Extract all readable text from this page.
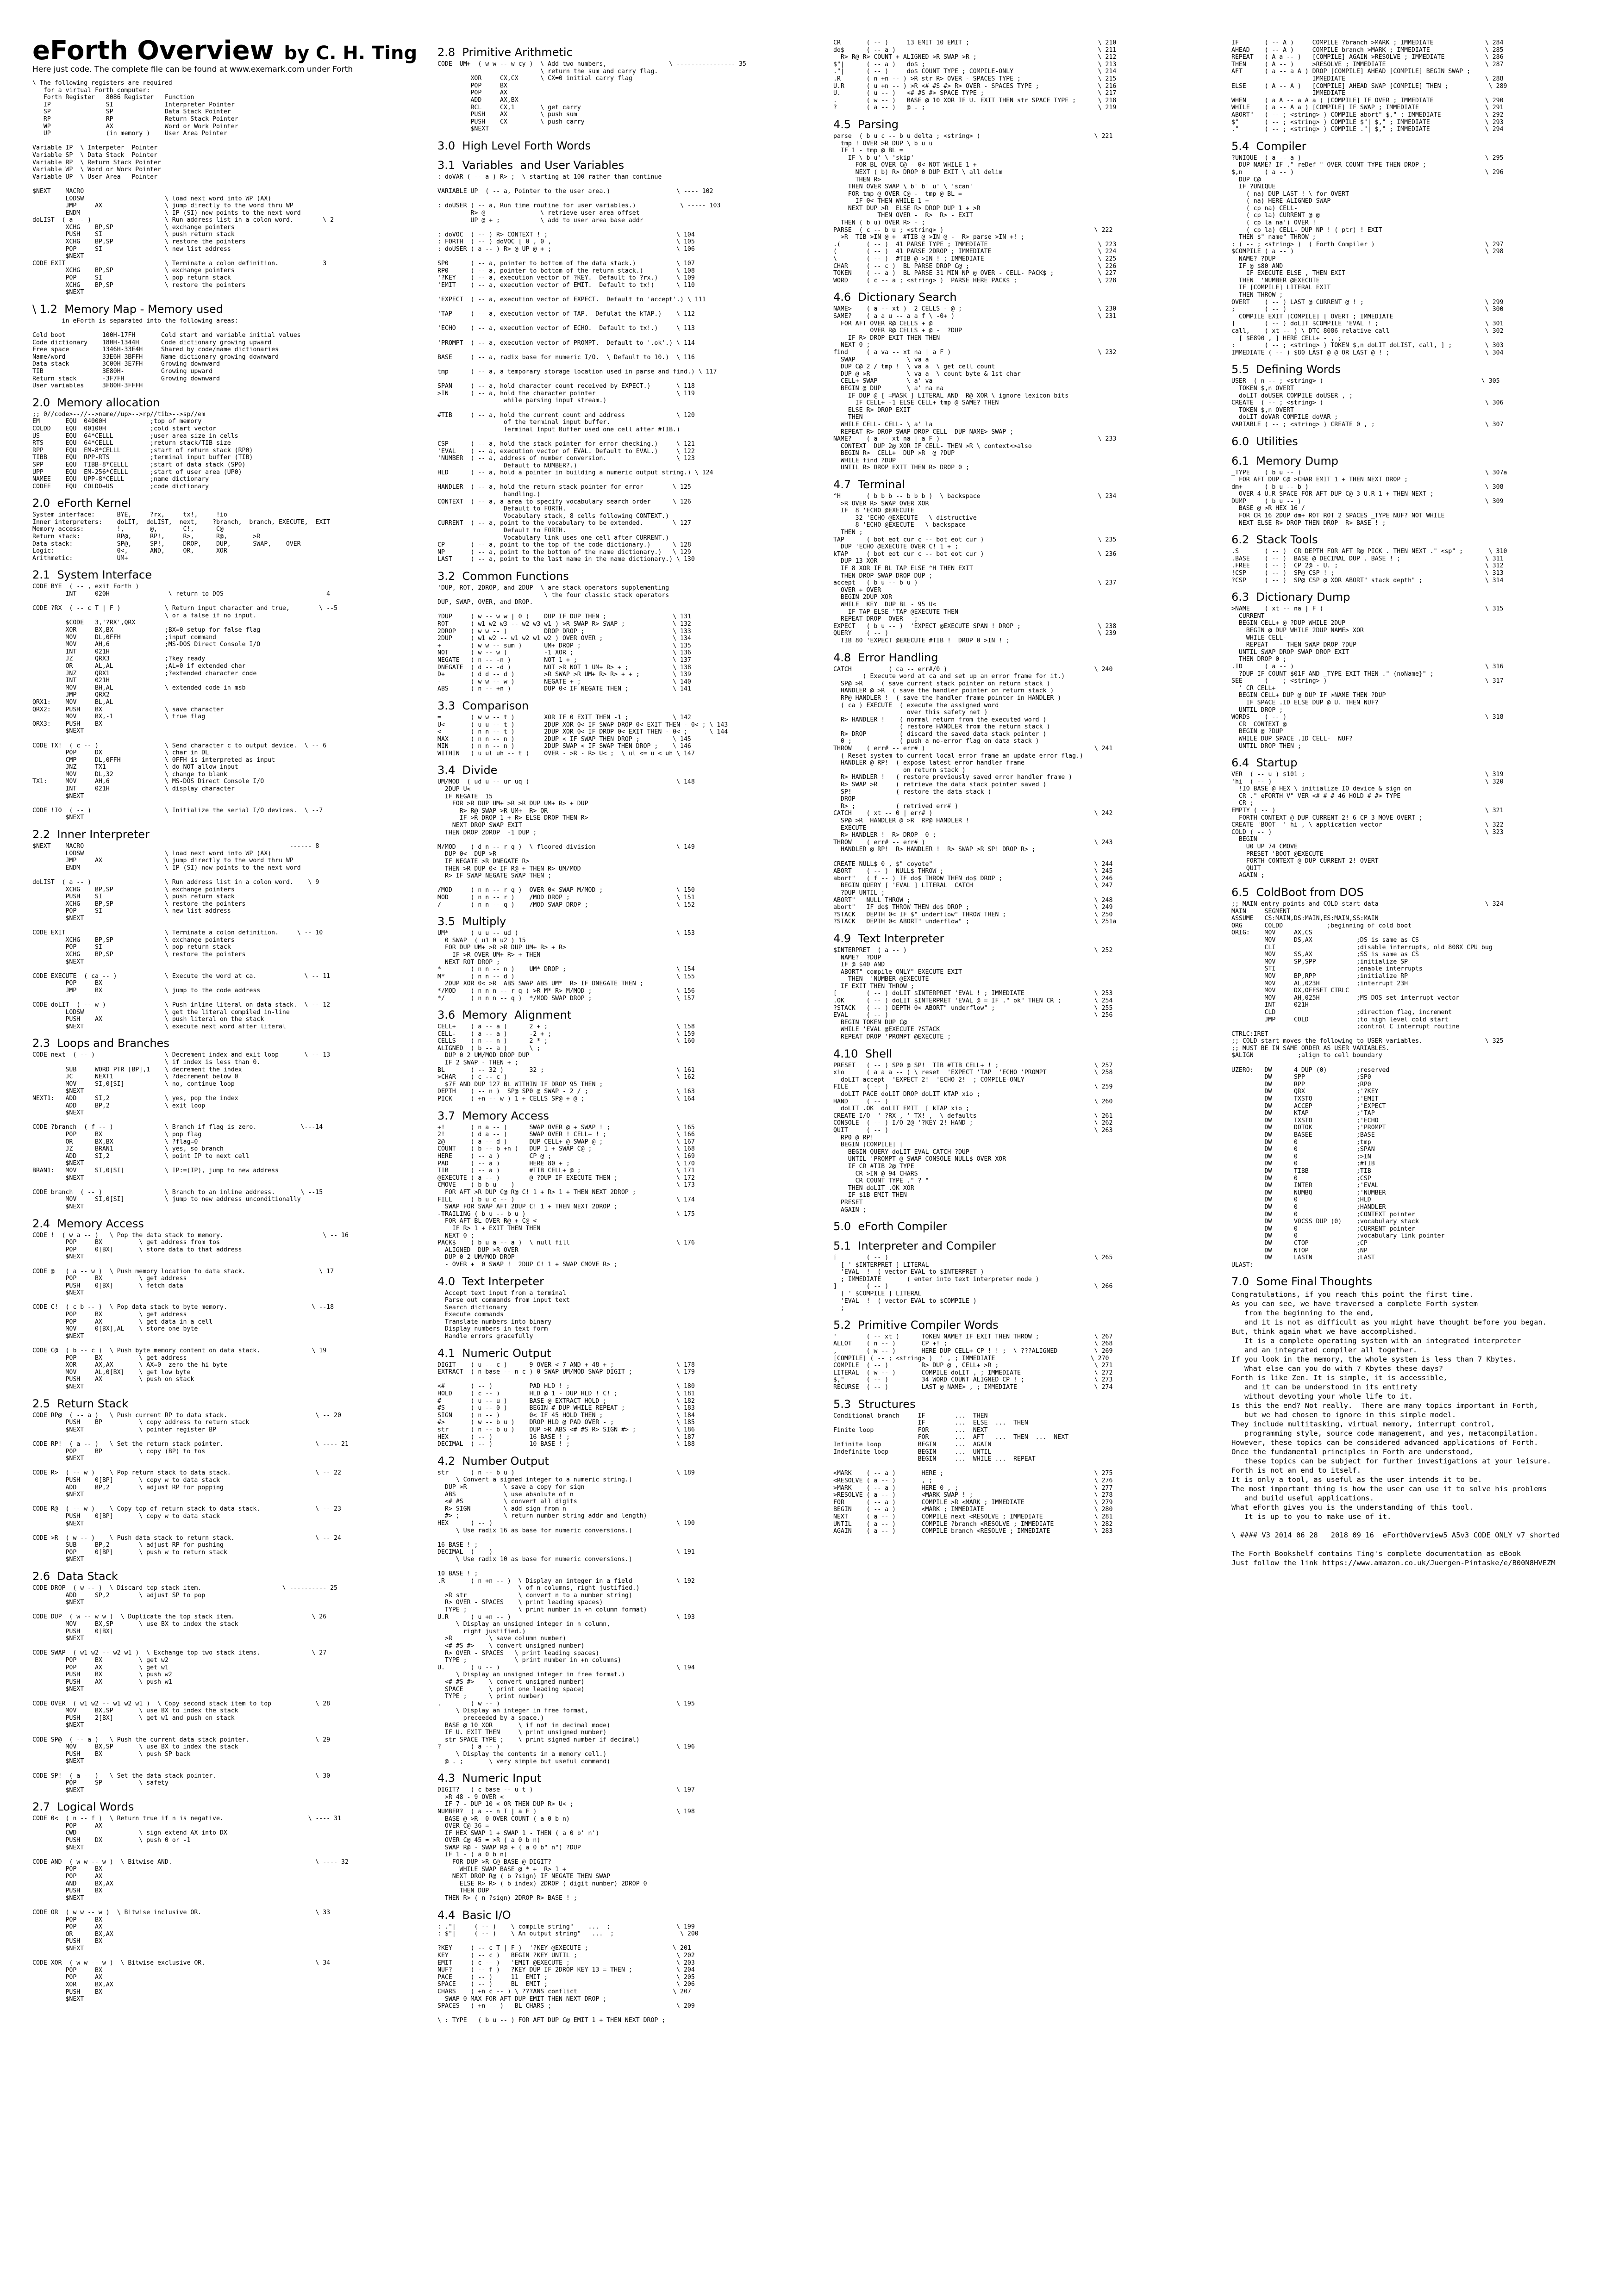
eForth Overview by C. H. Ting
Here just code. The complete file can be found at www.exemark.com under Forth
\ The following registers are required
for a virtual Forth computer:
Forth Register   8086 Register   Function
IP               SI              Interpreter Pointer
SP               SP              Data Stack Pointer
RP               RP              Return Stack Pointer
WP               AX              Word or Work Pointer
UP               (in memory )    User Area Pointer

Variable IP  \ Interpeter  Pointer
Variable SP  \ Data Stack  Pointer
Variable RP  \ Return Stack Pointer
Variable WP  \ Word or Work Pointer
Variable UP  \ User Area   Pointer

$NEXT    MACRO
LODSW                      \ load next word into WP (AX)
JMP     AX                 \ jump directly to the word thru WP
ENDM                       \ IP (SI) now points to the next word
doLIST  ( a -- )                    \ Run address list in a colon word.        \ 2
XCHG    BP,SP              \ exchange pointers
PUSH    SI                 \ push return stack
XCHG    BP,SP              \ restore the pointers
POP     SI                 \ new list address
$NEXT
CODE EXIT                           \ Terminate a colon definition.            3
XCHG    BP,SP              \ exchange pointers
POP     SI                 \ pop return stack
XCHG    BP,SP              \ restore the pointers
$NEXT
\ 1.2  Memory Map - Memory used
in eForth is separated into the following areas:

Cold boot          100H-17FH       Cold start and variable initial values
Code dictionary    180H-1344H      Code dictionary growing upward
Free space         1346H-33E4H     Shared by code/name dictionaries
Name/word          33E6H-3BFFH     Name dictionary growing downward
Data stack         3C00H-3E7FH     Growing downward
TIB                3E80H-          Growing upward
Return stack       -3F7FH          Growing downward
User variables     3F80H-3FFFH
2.0  Memory allocation
;; 0//code>--//-->name//up>-->rp//tib>-->sp//em
EM       EQU  04000H            ;top of memory
COLDD    EQU  00100H            ;cold start vector
US       EQU  64*CELLL          ;user area size in cells
RTS      EQU  64*CELLL          ;return stack/TIB size
RPP      EQU  EM-8*CELLL        ;start of return stack (RP0)
TIBB     EQU  RPP-RTS           ;terminal input buffer (TIB)
SPP      EQU  TIBB-8*CELLL      ;start of data stack (SP0)
UPP      EQU  EM-256*CELLL      ;start of user area (UP0)
NAMEE    EQU  UPP-8*CELLL       ;name dictionary
CODEE    EQU  COLDD+US          ;code dictionary
2.0  eForth Kernel
System interface:      BYE,     ?rx,     tx!,     !io
Inner interpreters:    doLIT,  doLIST,  next,    ?branch,  branch, EXECUTE,  EXIT
Memory access:         !,       @,       C!,      C@
Return stack:          RP@,     RP!,     R>,      R@,       >R
Data stack:            SP@,     SP!,     DROP,    DUP,      SWAP,    OVER
Logic:                 0<,      AND,     OR,      XOR
Arithmetic:            UM+
2.1  System Interface
CODE BYE  ( -- , exit Forth )
INT     020H                \ return to DOS                            4

CODE ?RX  ( -- c T | F )            \ Return input character and true,        \ --5
\ or a false if no input.
$CODE   3,'?RX',QRX
XOR     BX,BX              ;BX=0 setup for false flag
MOV     DL,0FFH            ;input command
MOV     AH,6               ;MS-DOS Direct Console I/O
INT     021H
JZ      QRX3               ;?key ready
OR      AL,AL              ;AL=0 if extended char
JNZ     QRX1               ;?extended character code
INT     021H
MOV     BH,AL              \ extended code in msb
JMP     QRX2
QRX1:    MOV     BL,AL
QRX2:    PUSH    BX                 \ save character
MOV     BX,-1              \ true flag
QRX3:    PUSH    BX
$NEXT

CODE TX!  ( c -- )                  \ Send character c to output device.  \ -- 6
POP     DX                 \ char in DL
CMP     DL,0FFH            \ 0FFH is interpreted as input
JNZ     TX1                \ do NOT allow input
MOV     DL,32              \ change to blank
TX1:     MOV     AH,6               \ MS-DOS Direct Console I/O
INT     021H               \ display character
$NEXT

CODE !IO  ( -- )                    \ Initialize the serial I/O devices.  \ --7
$NEXT
2.2  Inner Interpreter
$NEXT    MACRO                                                        ------ 8
LODSW                      \ load next word into WP (AX)
JMP     AX                 \ jump directly to the word thru WP
ENDM                       \ IP (SI) now points to the next word

doLIST  ( a -- )                    \ Run address list in a colon word.    \ 9
XCHG    BP,SP              \ exchange pointers
PUSH    SI                 \ push return stack
XCHG    BP,SP              \ restore the pointers
POP     SI                 \ new list address
$NEXT

CODE EXIT                           \ Terminate a colon definition.     \ -- 10
XCHG    BP,SP              \ exchange pointers
POP     SI                 \ pop return stack
XCHG    BP,SP              \ restore the pointers
$NEXT

CODE EXECUTE  ( ca -- )             \ Execute the word at ca.             \ -- 11
POP     BX
JMP     BX                 \ jump to the code address

CODE doLIT  ( -- w )                \ Push inline literal on data stack.  \ -- 12
LODSW                      \ get the literal compiled in-line
PUSH    AX                 \ push literal on the stack
$NEXT                      \ execute next word after literal
2.3  Loops and Branches
CODE next  ( -- )                   \ Decrement index and exit loop       \ -- 13
\ if index is less than 0.
SUB     WORD PTR [BP],1    \ decrement the index
JC      NEXT1              \ ?decrement below 0
MOV     SI,0[SI]           \ no, continue loop
$NEXT
NEXT1:   ADD     SI,2               \ yes, pop the index
ADD     BP,2               \ exit loop
$NEXT

CODE ?branch  ( f -- )              \ Branch if flag is zero.            \---14
POP     BX                 \ pop flag
OR      BX,BX              \ ?flag=0
JZ      BRAN1              \ yes, so branch
ADD     SI,2               \ point IP to next cell
$NEXT
BRAN1:   MOV     SI,0[SI]           \ IP:=(IP), jump to new address
$NEXT

CODE branch  ( -- )                 \ Branch to an inline address.       \ --15
MOV     SI,0[SI]           \ jump to new address unconditionally
$NEXT
2.4  Memory Access
CODE !  ( w a -- )   \ Pop the data stack to memory.                           \ -- 16
POP     BX          \ get address from tos
POP     0[BX]       \ store data to that address
$NEXT

CODE @   ( a -- w )  \ Push memory location to data stack.                    \ 17
POP     BX          \ get address
PUSH    0[BX]       \ fetch data
$NEXT

CODE C!  ( c b -- )  \ Pop data stack to byte memory.                       \ --18
POP     BX          \ get address
POP     AX          \ get data in a cell
MOV     0[BX],AL    \ store one byte
$NEXT

CODE C@  ( b -- c )  \ Push byte memory content on data stack.              \ 19
POP     BX          \ get address
XOR     AX,AX       \ AX=0  zero the hi byte
MOV     AL,0[BX]    \ get low byte
PUSH    AX          \ push on stack
$NEXT
2.5  Return Stack
CODE RP@  ( -- a )   \ Push current RP to data stack.                        \ -- 20
PUSH    BP          \ copy address to return stack
$NEXT               \ pointer register BP

CODE RP!  ( a -- )   \ Set the return stack pointer.                         \ ---- 21
POP     BP          \ copy (BP) to tos
$NEXT

CODE R>  ( -- w )    \ Pop return stack to data stack.                       \ -- 22
PUSH    0[BP]       \ copy w to data stack
ADD     BP,2        \ adjust RP for popping
$NEXT

CODE R@  ( -- w )    \ Copy top of return stack to data stack.               \ -- 23
PUSH    0[BP]       \ copy w to data stack
$NEXT

CODE >R  ( w -- )    \ Push data stack to return stack.                      \ -- 24
SUB     BP,2        \ adjust RP for pushing
POP     0[BP]       \ push w to return stack
$NEXT
2.6  Data Stack
CODE DROP  ( w -- )  \ Discard top stack item.                      \ ---------- 25
ADD     SP,2        \ adjust SP to pop
$NEXT

CODE DUP  ( w -- w w )  \ Duplicate the top stack item.                     \ 26
MOV     BX,SP       \ use BX to index the stack
PUSH    0[BX]
$NEXT

CODE SWAP  ( w1 w2 -- w2 w1 )  \ Exchange top two stack items.              \ 27
POP     BX          \ get w2
POP     AX          \ get w1
PUSH    BX          \ push w2
PUSH    AX          \ push w1
$NEXT

CODE OVER  ( w1 w2 -- w1 w2 w1 )  \ Copy second stack item to top            \ 28
MOV     BX,SP       \ use BX to index the stack
PUSH    2[BX]       \ get w1 and push on stack
$NEXT

CODE SP@  ( -- a )   \ Push the current data stack pointer.                  \ 29
MOV     BX,SP       \ use BX to index the stack
PUSH    BX          \ push SP back
$NEXT

CODE SP!  ( a -- )   \ Set the data stack pointer.                           \ 30
POP     SP          \ safety
$NEXT
2.7  Logical Words
CODE 0<  ( n -- f )  \ Return true if n is negative.                       \ ---- 31
POP     AX
CWD                 \ sign extend AX into DX
PUSH    DX          \ push 0 or -1
$NEXT

CODE AND  ( w w -- w )  \ Bitwise AND.                                       \ ---- 32
POP     BX
POP     AX
AND     BX,AX
PUSH    BX
$NEXT

CODE OR  ( w w -- w )  \ Bitwise inclusive OR.                               \ 33
POP     BX
POP     AX
OR      BX,AX
PUSH    BX
$NEXT

CODE XOR  ( w w -- w )  \ Bitwise exclusive OR.                              \ 34
POP     BX
POP     AX
XOR     BX,AX
PUSH    BX
$NEXT
2.8  Primitive Arithmetic
CODE  UM+  ( w w -- w cy )  \ Add two numbers,                 \ ---------------- 35
\ return the sum and carry flag.
XOR     CX,CX      \ CX=0 initial carry flag
POP     BX
POP     AX
ADD     AX,BX
RCL     CX,1       \ get carry
PUSH    AX         \ push sum
PUSH    CX         \ push carry
$NEXT
3.0  High Level Forth Words
3.1  Variables  and User Variables
: doVAR ( -- a ) R> ;  \ starting at 100 rather than continue

VARIABLE UP  ( -- a, Pointer to the user area.)                  \ ---- 102

: doUSER ( -- a, Run time routine for user variables.)            \ ----- 103
R> @               \ retrieve user area offset
UP @ + ;           \ add to user area base addr

: doVOC  ( -- ) R> CONTEXT ! ;                                   \ 104
: FORTH  ( -- ) doVOC [ 0 , 0 ,                                  \ 105
: doUSER ( a -- ) R> @ UP @ + ;                                  \ 106

SP0      ( -- a, pointer to bottom of the data stack.)           \ 107
RP0      ( -- a, pointer to bottom of the return stack.)         \ 108
'?KEY    ( -- a, execution vector of ?KEY.  Default to ?rx.)     \ 109
'EMIT    ( -- a, execution vector of EMIT.  Default to tx!)      \ 110

'EXPECT  ( -- a, execution vector of EXPECT.  Default to 'accept'.) \ 111

'TAP     ( -- a, execution vector of TAP.  Defulat the kTAP.)    \ 112

'ECHO    ( -- a, execution vector of ECHO.  Default to tx!.)     \ 113

'PROMPT  ( -- a, execution vector of PROMPT.  Default to '.ok'.) \ 114

BASE     ( -- a, radix base for numeric I/O.  \ Default to 10.)  \ 116

tmp      ( -- a, a temporary storage location used in parse and find.) \ 117

SPAN     ( -- a, hold character count received by EXPECT.)       \ 118
>IN      ( -- a, hold the character pointer                      \ 119
while parsing input stream.)

#TIB     ( -- a, hold the current count and address              \ 120
of the terminal input buffer.
Terminal Input Buffer used one cell after #TIB.)

CSP      ( -- a, hold the stack pointer for error checking.)     \ 121
'EVAL    ( -- a, execution vector of EVAL. Default to EVAL.)     \ 122
'NUMBER  ( -- a, address of number conversion.                   \ 123
Default to NUMBER?.)
HLD      ( -- a, hold a pointer in building a numeric output string.) \ 124

HANDLER  ( -- a, hold the return stack pointer for error        \ 125
handling.)
CONTEXT  ( -- a, a area to specify vocabulary search order      \ 126
Default to FORTH.
Vocabulary stack, 8 cells following CONTEXT.)
CURRENT  ( -- a, point to the vocabulary to be extended.        \ 127
Default to FORTH.
Vocabulary link uses one cell after CURRENT.)
CP       ( -- a, point to the top of the code dictionary.)      \ 128
NP       ( -- a, point to the bottom of the name dictionary.)   \ 129
LAST     ( -- a, point to the last name in the name dictionary.) \ 130
3.2  Common Functions
'DUP, ROT, 2DROP, and 2DUP  \ are stack operators supplementing
\ the four classic stack operators
DUP, SWAP, OVER, and DROP.

?DUP     ( w -- w w | 0 )    DUP IF DUP THEN ;                  \ 131
ROT      ( w1 w2 w3 -- w2 w3 w1 ) >R SWAP R> SWAP ;             \ 132
2DROP    ( w w -- )          DROP DROP ;                        \ 133
2DUP     ( w1 w2 -- w1 w2 w1 w2 ) OVER OVER ;                   \ 134
+        ( w w -- sum )      UM+ DROP ;                         \ 135
NOT      ( w -- w )          -1 XOR ;                           \ 136
NEGATE   ( n -- -n )         NOT 1 + ;                          \ 137
DNEGATE  ( d -- -d )         NOT >R NOT 1 UM+ R> + ;            \ 138
D+       ( d d -- d )        >R SWAP >R UM+ R> R> + + ;         \ 139
-        ( w w -- w )        NEGATE + ;                         \ 140
ABS      ( n -- +n )         DUP 0< IF NEGATE THEN ;            \ 141
3.3  Comparison
=        ( w w -- t )        XOR IF 0 EXIT THEN -1 ;            \ 142
U<       ( u u -- t )        2DUP XOR 0< IF SWAP DROP 0< EXIT THEN - 0< ; \ 143
<        ( n n -- t )        2DUP XOR 0< IF DROP 0< EXIT THEN - 0< ;      \ 144
MAX      ( n n -- n )        2DUP < IF SWAP THEN DROP ;         \ 145
MIN      ( n n -- n )        2DUP SWAP < IF SWAP THEN DROP ;    \ 146
WITHIN   ( u ul uh -- t )    OVER - >R - R> U< ;  \ ul <= u < uh \ 147
3.4  Divide
UM/MOD  ( ud u -- ur uq )                                        \ 148
2DUP U<
IF NEGATE  15
FOR >R DUP UM+ >R >R DUP UM+ R> + DUP
R> R@ SWAP >R UM+  R> OR
IF >R DROP 1 + R> ELSE DROP THEN R>
NEXT DROP SWAP EXIT
THEN DROP 2DROP  -1 DUP ;

M/MOD    ( d n -- r q )  \ floored division                      \ 149
DUP 0<  DUP >R
IF NEGATE >R DNEGATE R>
THEN >R DUP 0< IF R@ + THEN R> UM/MOD
R> IF SWAP NEGATE SWAP THEN ;

/MOD     ( n n -- r q )  OVER 0< SWAP M/MOD ;                    \ 150
MOD      ( n n -- r )    /MOD DROP ;                             \ 151
/        ( n n -- q )    /MOD SWAP DROP ;                        \ 152
3.5  Multiply
UM*      ( u u -- ud )                                           \ 153
0 SWAP  ( u1 0 u2 ) 15
FOR DUP UM+ >R >R DUP UM+ R> + R>
IF >R OVER UM+ R> + THEN
NEXT ROT DROP ;
*        ( n n -- n )    UM* DROP ;                              \ 154
M*       ( n n -- d )                                            \ 155
2DUP XOR 0< >R  ABS SWAP ABS UM*  R> IF DNEGATE THEN ;
*/MOD    ( n n n -- r q ) >R M* R> M/MOD ;                       \ 156
*/       ( n n n -- q )  */MOD SWAP DROP ;                       \ 157
3.6  Memory  Alignment
CELL+    ( a -- a )      2 + ;                                   \ 158
CELL-    ( a -- a )      -2 + ;                                  \ 159
CELLS    ( n -- n )      2 * ;                                   \ 160
ALIGNED  ( b -- a )      \ ;
DUP 0 2 UM/MOD DROP DUP
IF 2 SWAP - THEN + ;
BL       ( -- 32 )       32 ;                                    \ 161
>CHAR    ( c -- c )                                              \ 162
$7F AND DUP 127 BL WITHIN IF DROP 95 THEN ;
DEPTH    ( -- n )  SP@ SP0 @ SWAP - 2 / ;                        \ 163
PICK     ( +n -- w ) 1 + CELLS SP@ + @ ;                         \ 164
3.7  Memory Access
+!       ( n a -- )      SWAP OVER @ + SWAP ! ;                  \ 165
2!       ( d a -- )      SWAP OVER ! CELL+ ! ;                   \ 166
2@       ( a -- d )      DUP CELL+ @ SWAP @ ;                    \ 167
COUNT    ( b -- b +n )   DUP 1 + SWAP C@ ;                       \ 168
HERE     ( -- a )        CP @ ;                                  \ 169
PAD      ( -- a )        HERE 80 + ;                             \ 170
TIB      ( -- a )        #TIB CELL+ @ ;                          \ 171
@EXECUTE ( a -- )        @ ?DUP IF EXECUTE THEN ;                \ 172
CMOVE    ( b b u -- )                                            \ 173
FOR AFT >R DUP C@ R@ C! 1 + R> 1 + THEN NEXT 2DROP ;
FILL     ( b u c -- )                                            \ 174
SWAP FOR SWAP AFT 2DUP C! 1 + THEN NEXT 2DROP ;
-TRAILING ( b u -- b u )                                         \ 175
FOR AFT BL OVER R@ + C@ <
IF R> 1 + EXIT THEN THEN
NEXT 0 ;
PACK$    ( b u a -- a )  \ null fill                             \ 176
ALIGNED  DUP >R OVER
DUP 0 2 UM/MOD DROP
- OVER +  0 SWAP !  2DUP C! 1 + SWAP CMOVE R> ;
4.0  Text Interpeter
Accept text input from a terminal
Parse out commands from input text
Search dictionary
Execute commands
Translate numbers into binary
Display numbers in text form
Handle errors gracefully
4.1  Numeric Output
DIGIT    ( u -- c )      9 OVER < 7 AND + 48 + ;                 \ 178
EXTRACT  ( n base -- n c ) 0 SWAP UM/MOD SWAP DIGIT ;            \ 179

<#       ( -- )          PAD HLD ! ;                             \ 180
HOLD     ( c -- )        HLD @ 1 - DUP HLD ! C! ;                \ 181
#        ( u -- u )      BASE @ EXTRACT HOLD ;                   \ 182
#S       ( u -- 0 )      BEGIN # DUP WHILE REPEAT ;              \ 183
SIGN     ( n -- )        0< IF 45 HOLD THEN ;                    \ 184
#>       ( w -- b u )    DROP HLD @ PAD OVER - ;                 \ 185
str      ( n -- b u )    DUP >R ABS <# #S R> SIGN #> ;           \ 186
HEX      ( -- )          16 BASE ! ;                             \ 187
DECIMAL  ( -- )          10 BASE ! ;                             \ 188
4.2  Number Output
str      ( n -- b u )                                            \ 189
\ Convert a signed integer to a numeric string.)
DUP >R          \ save a copy for sign
ABS             \ use absolute of n
<# #S           \ convert all digits
R> SIGN         \ add sign from n
#> ;            \ return number string addr and length)
HEX      ( -- )                                                  \ 190
\ Use radix 16 as base for numeric conversions.)

16 BASE ! ;
DECIMAL  ( -- )                                                  \ 191
\ Use radix 10 as base for numeric conversions.)

10 BASE ! ;
.R       ( n +n -- )  \ Display an integer in a field            \ 192
\ of n columns, right justified.)
>R str              \ convert n to a number string)
R> OVER - SPACES    \ print leading spaces)
TYPE ;              \ print number in +n column format)
U.R      ( u +n -- )                                             \ 193
\ Display an unsigned integer in n column,
right justified.)
>R          \ save column number)
<# #S #>    \ convert unsigned number)
R> OVER - SPACES   \ print leading spaces)
TYPE ;             \ print number in +n columns)
U.       ( u -- )                                                \ 194
\ Display an unsigned integer in free format.)
<# #S #>    \ convert unsigned number)
SPACE       \ print one leading space)
TYPE ;      \ print number)
.        ( w -- )                                                \ 195
\ Display an integer in free format,
preceeded by a space.)
BASE @ 10 XOR       \ if not in decimal mode)
IF U. EXIT THEN     \ print unsigned number)
str SPACE TYPE ;    \ print signed number if decimal)
?        ( a -- )                                                \ 196
\ Display the contents in a memory cell.)
@ . ;       \ very simple but useful command)
4.3  Numeric Input
DIGIT?   ( c base -- u t )                                       \ 197
>R 48 - 9 OVER <
IF 7 - DUP 10 < OR THEN DUP R> U< ;
NUMBER?  ( a -- n T | a F )                                      \ 198
BASE @ >R  0 OVER COUNT ( a 0 b n)
OVER C@ 36 =
IF HEX SWAP 1 + SWAP 1 - THEN ( a 0 b' n')
OVER C@ 45 = >R ( a 0 b n)
SWAP R@ - SWAP R@ + ( a 0 b" n") ?DUP
IF 1 - ( a 0 b n)
FOR DUP >R C@ BASE @ DIGIT?
WHILE SWAP BASE @ * +  R> 1 +
NEXT DROP R@ ( b ?sign) IF NEGATE THEN SWAP
ELSE R> R> ( b index) 2DROP ( digit number) 2DROP 0
THEN DUP
THEN R> ( n ?sign) 2DROP R> BASE ! ;
4.4  Basic I/O
: ."|     ( -- )    \ compile string"    ...  ;                  \ 199
: $"|     ( -- )    \ An output string"   ...  ;                  \ 200

?KEY     ( -- c T | F )  '?KEY @EXECUTE ;                       \ 201
KEY      ( -- c )   BEGIN ?KEY UNTIL ;                           \ 202
EMIT     ( c -- )   'EMIT @EXECUTE ;                             \ 203
NUF?     ( -- f )   ?KEY DUP IF 2DROP KEY 13 = THEN ;            \ 204
PACE     ( -- )     11  EMIT ;                                   \ 205
SPACE    ( -- )     BL  EMIT ;                                   \ 206
CHARS    ( +n c -- ) \ ???ANS conflict                          \ 207
SWAP 0 MAX FOR AFT DUP EMIT THEN NEXT DROP ;
SPACES   ( +n -- )   BL CHARS ;                                  \ 209

\ : TYPE   ( b u -- ) FOR AFT DUP C@ EMIT 1 + THEN NEXT DROP ;
CR       ( -- )     13 EMIT 10 EMIT ;                                   \ 210
do$      ( -- a )                                                       \ 211
R> R@ R> COUNT + ALIGNED >R SWAP >R ;                                 \ 212
$"|      ( -- a )   do$ ;                                               \ 213
."|      ( -- )     do$ COUNT TYPE ; COMPILE-ONLY                       \ 214
.R       ( n +n -- ) >R str R> OVER - SPACES TYPE ;                     \ 215
U.R      ( u +n -- ) >R <# #S #> R> OVER - SPACES TYPE ;                \ 216
U.       ( u -- )   <# #S #> SPACE TYPE ;                               \ 217
.        ( w -- )   BASE @ 10 XOR IF U. EXIT THEN str SPACE TYPE ;      \ 218
?        ( a -- )   @ . ;                                               \ 219
4.5  Parsing
parse  ( b u c -- b u delta ; <string> )                               \ 221
tmp ! OVER >R DUP \ b u u
IF 1 - tmp @ BL =
IF \ b u' \ 'skip'
FOR BL OVER C@ - 0< NOT WHILE 1 +
NEXT ( b) R> DROP 0 DUP EXIT \ all delim
THEN R>
THEN OVER SWAP \ b' b' u' \ 'scan'
FOR tmp @ OVER C@ -  tmp @ BL =
IF 0< THEN WHILE 1 +
NEXT DUP >R  ELSE R> DROP DUP 1 + >R
THEN OVER -  R>  R> - EXIT
THEN ( b u) OVER R> - ;
PARSE  ( c -- b u ; <string> )                                         \ 222
>R  TIB >IN @ +  #TIB @ >IN @ -  R> parse >IN +! ;
.(       ( -- )  41 PARSE TYPE ; IMMEDIATE                              \ 223
(        ( -- )  41 PARSE 2DROP ; IMMEDIATE                             \ 224
\        ( -- )  #TIB @ >IN ! ; IMMEDIATE                               \ 225
CHAR     ( -- c )  BL PARSE DROP C@ ;                                   \ 226
TOKEN    ( -- a )  BL PARSE 31 MIN NP @ OVER - CELL- PACK$ ;            \ 227
WORD     ( c -- a ; <string> )  PARSE HERE PACK$ ;                      \ 228
4.6  Dictionary Search
NAME>    ( a -- xt )  2 CELLS - @ ;                                     \ 230
SAME?    ( a a u -- a a f \ -0+ )                                       \ 231
FOR AFT OVER R@ CELLS + @
OVER R@ CELLS + @ -  ?DUP
IF R> DROP EXIT THEN THEN
NEXT 0 ;
find     ( a va -- xt na | a F )                                        \ 232
SWAP              \ va a
DUP C@ 2 / tmp !  \ va a  \ get cell count
DUP @ >R          \ va a  \ count byte & 1st char
CELL+ SWAP        \ a' va
BEGIN @ DUP       \ a' na na
IF DUP @ [ =MASK ] LITERAL AND  R@ XOR \ ignore lexicon bits
IF CELL+ -1 ELSE CELL+ tmp @ SAME? THEN
ELSE R> DROP EXIT
THEN
WHILE CELL- CELL- \ a' la
REPEAT R> DROP SWAP DROP CELL- DUP NAME> SWAP ;
NAME?    ( a -- xt na | a F )                                           \ 233
CONTEXT  DUP 2@ XOR IF CELL- THEN >R \ context<>also
BEGIN R>  CELL+  DUP >R  @ ?DUP
WHILE find ?DUP
UNTIL R> DROP EXIT THEN R> DROP 0 ;
4.7  Terminal
^H       ( b b b -- b b b )  \ backspace                                \ 234
>R OVER R> SWAP OVER XOR
IF  8 'ECHO @EXECUTE
32 'ECHO @EXECUTE   \ distructive
8 'ECHO @EXECUTE   \ backspace
THEN ;
TAP      ( bot eot cur c -- bot eot cur )                               \ 235
DUP 'ECHO @EXECUTE OVER C! 1 + ;
kTAP     ( bot eot cur c -- bot eot cur )                               \ 236
DUP 13 XOR
IF 8 XOR IF BL TAP ELSE ^H THEN EXIT
THEN DROP SWAP DROP DUP ;
accept   ( b u -- b u )                                                 \ 237
OVER + OVER
BEGIN 2DUP XOR
WHILE  KEY  DUP BL - 95 U<
IF TAP ELSE 'TAP @EXECUTE THEN
REPEAT DROP  OVER - ;
EXPECT   ( b u -- )  'EXPECT @EXECUTE SPAN ! DROP ;                     \ 238
QUERY    ( -- )                                                         \ 239
TIB 80 'EXPECT @EXECUTE #TIB !  DROP 0 >IN ! ;
4.8  Error Handling
CATCH          ( ca -- err#/0 )                                        \ 240
( Execute word at ca and set up an error frame for it.)
SP@ >R     ( save current stack pointer on return stack )
HANDLER @ >R  ( save the handler pointer on return stack )
RP@ HANDLER !  ( save the handler frame pointer in HANDLER )
( ca ) EXECUTE  ( execute the assigned word
over this safety net )
R> HANDLER !    ( normal return from the executed word )
( restore HANDLER from the return stack )
R> DROP         ( discard the saved data stack pointer )
0 ;             ( push a no-error flag on data stack )
THROW    ( err# -- err# )                                              \ 241
( Reset system to current local error frame an update error flag.)
HANDLER @ RP!  ( expose latest error handler frame
on return stack )
R> HANDLER !   ( restore previously saved error handler frame )
R> SWAP >R     ( retrieve the data stack pointer saved )
SP!            ( restore the data stack )
DROP
R> ;           ( retrived err# )
CATCH    ( xt -- 0 | err# )                                            \ 242
SP@ >R  HANDLER @ >R  RP@ HANDLER !
EXECUTE
R> HANDLER !  R> DROP  0 ;
THROW    ( err# -- err# )                                              \ 243
HANDLER @ RP!  R> HANDLER !  R> SWAP >R SP! DROP R> ;

CREATE NULL$ 0 , $" coyote"                                            \ 244
ABORT    ( -- )  NULL$ THROW ;                                         \ 245
abort"   ( f -- ) IF do$ THROW THEN do$ DROP ;                         \ 246
BEGIN QUERY [ 'EVAL ] LITERAL  CATCH                                 \ 247
?DUP UNTIL ;
ABORT"   NULL THROW ;                                                  \ 248
abort"   IF do$ THROW THEN do$ DROP ;                                  \ 249
?STACK   DEPTH 0< IF $" underflow" THROW THEN ;                        \ 250
?STACK   DEPTH 0< ABORT" underflow" ;                                  \ 251a
4.9  Text Interpreter
$INTERPRET  ( a -- )                                                   \ 252
NAME?  ?DUP
IF @ $40 AND
ABORT" compile ONLY" EXECUTE EXIT
THEN  'NUMBER @EXECUTE
IF EXIT THEN THROW ;
[        ( -- ) doLIT $INTERPRET 'EVAL ! ; IMMEDIATE                   \ 253
.OK      ( -- ) doLIT $INTERPRET 'EVAL @ = IF ." ok" THEN CR ;         \ 254
?STACK   ( -- ) DEPTH 0< ABORT" underflow" ;                           \ 255
EVAL     ( -- )                                                        \ 256
BEGIN TOKEN DUP C@
WHILE 'EVAL @EXECUTE ?STACK
REPEAT DROP 'PROMPT @EXECUTE ;
4.10  Shell
PRESET   ( -- ) SP0 @ SP!  TIB #TIB CELL+ ! ;                          \ 257
xio      ( a a a -- ) \ reset  'EXPECT 'TAP  'ECHO 'PROMPT             \ 258
doLIT accept  'EXPECT 2!  'ECHO 2!  ; COMPILE-ONLY
FILE     ( -- )                                                        \ 259
doLIT PACE doLIT DROP doLIT kTAP xio ;
HAND     ( -- )                                                        \ 260
doLIT .OK  doLIT EMIT  [ kTAP xio ;
CREATE I/O  ' ?RX , ' TX! ,  \ defaults                                \ 261
CONSOLE  ( -- ) I/O 2@ '?KEY 2! HAND ;                                 \ 262
QUIT     ( -- )                                                        \ 263
RP0 @ RP!
BEGIN [COMPILE] [
BEGIN QUERY doLIT EVAL CATCH ?DUP
UNTIL 'PROMPT @ SWAP CONSOLE NULL$ OVER XOR
IF CR #TIB 2@ TYPE
CR >IN @ 94 CHARS
CR COUNT TYPE ." ? "
THEN doLIT .OK XOR
IF $1B EMIT THEN
PRESET
AGAIN ;
5.0  eForth Compiler
5.1  Interpreter and Compiler
[        ( -- )                                                        \ 265
[ ' $INTERPRET ] LITERAL
'EVAL  !  ( vector EVAL to $INTERPRET )
; IMMEDIATE       ( enter into text interpreter mode )
]        ( -- )                                                        \ 266
[ ' $COMPILE ] LITERAL
'EVAL  !  ( vector EVAL to $COMPILE )
;
5.2  Primitive Compiler Words
'        ( -- xt )      TOKEN NAME? IF EXIT THEN THROW ;               \ 267
ALLOT    ( n -- )       CP +! ;                                        \ 268
,        ( w -- )       HERE DUP CELL+ CP ! ! ;  \ ???ALIGNED          \ 269
[COMPILE] ( -- ; <string> )  ' , ; IMMEDIATE                          \ 270
COMPILE  ( -- )         R> DUP @ , CELL+ >R ;                          \ 271
LITERAL  ( w -- )       COMPILE doLIT , ; IMMEDIATE                    \ 272
$,"      ( -- )         34 WORD COUNT ALIGNED CP ! ;                   \ 273
RECURSE  ( -- )         LAST @ NAME> , ; IMMEDIATE                     \ 274
5.3  Structures
Conditional branch     IF        ...  THEN
IF        ...  ELSE  ...  THEN
Finite loop            FOR       ...  NEXT
FOR       ...  AFT   ...  THEN  ...  NEXT
Infinite loop          BEGIN     ...  AGAIN
Indefinite loop        BEGIN     ...  UNTIL
BEGIN     ...  WHILE ...  REPEAT

<MARK    ( -- a )       HERE ;                                         \ 275
<RESOLVE ( a -- )       , ;                                            \ 276
>MARK    ( -- a )       HERE 0 , ;                                     \ 277
>RESOLVE ( a -- )       <MARK SWAP ! ;                                 \ 278
FOR      ( -- a )       COMPILE >R <MARK ; IMMEDIATE                   \ 279
BEGIN    ( -- a )       <MARK ; IMMEDIATE                              \ 280
NEXT     ( a -- )       COMPILE next <RESOLVE ; IMMEDIATE              \ 281
UNTIL    ( a -- )       COMPILE ?branch <RESOLVE ; IMMEDIATE           \ 282
AGAIN    ( a -- )       COMPILE branch <RESOLVE ; IMMEDIATE            \ 283
IF       ( -- A )     COMPILE ?branch >MARK ; IMMEDIATE              \ 284
AHEAD    ( -- A )     COMPILE branch >MARK ; IMMEDIATE               \ 285
REPEAT   ( A a -- )   [COMPILE] AGAIN >RESOLVE ; IMMEDIATE           \ 286
THEN     ( A -- )     >RESOLVE ; IMMEDIATE                           \ 287
AFT      ( a -- a A ) DROP [COMPILE] AHEAD [COMPILE] BEGIN SWAP ;
IMMEDIATE                                      \ 288
ELSE     ( A -- A )   [COMPILE] AHEAD SWAP [COMPILE] THEN ;           \ 289
IMMEDIATE
WHEN     ( a A -- a A a ) [COMPILE] IF OVER ; IMMEDIATE              \ 290
WHILE    ( a -- A a ) [COMPILE] IF SWAP ; IMMEDIATE                  \ 291
ABORT"   ( -- ; <string> ) COMPILE abort" $," ; IMMEDIATE            \ 292
$"       ( -- ; <string> ) COMPILE $"| $," ; IMMEDIATE               \ 293
."       ( -- ; <string> ) COMPILE ."| $," ; IMMEDIATE               \ 294
5.4  Compiler
?UNIQUE  ( a -- a )                                                  \ 295
DUP NAME? IF ." reDef " OVER COUNT TYPE THEN DROP ;
$,n      ( a -- )                                                    \ 296
DUP C@
IF ?UNIQUE
( na) DUP LAST ! \ for OVERT
( na) HERE ALIGNED SWAP
( cp na) CELL-
( cp la) CURRENT @ @
( cp la na') OVER !
( cp la) CELL- DUP NP ! ( ptr) ! EXIT
THEN $" name" THROW ;
: ( -- ; <string> )  ( Forth Compiler )                              \ 297
$COMPILE ( a -- )                                                    \ 298
NAME? ?DUP
IF @ $80 AND
IF EXECUTE ELSE , THEN EXIT
THEN  'NUMBER @EXECUTE
IF [COMPILE] LITERAL EXIT
THEN THROW ;
OVERT    ( -- ) LAST @ CURRENT @ ! ;                                 \ 299
;        ( -- )                                                      \ 300
COMPILE EXIT [COMPILE] [ OVERT ; IMMEDIATE
]        ( -- ) doLIT $COMPILE 'EVAL ! ;                             \ 301
call,    ( xt -- ) \ DTC 8086 relative call                          \ 302
[ $E890 , ] HERE CELL+ - , ;
:        ( -- ; <string> ) TOKEN $,n doLIT doLIST, call, ] ;         \ 303
IMMEDIATE ( -- ) $80 LAST @ @ OR LAST @ ! ;                          \ 304
5.5  Defining Words
USER  ( n -- ; <string> )                                           \ 305
TOKEN $,n OVERT
doLIT doUSER COMPILE doUSER , ;
CREATE  ( -- ; <string> )                                            \ 306
TOKEN $,n OVERT
doLIT doVAR COMPILE doVAR ;
VARIABLE ( -- ; <string> ) CREATE 0 , ;                              \ 307
6.0  Utilities
6.1  Memory Dump
_TYPE    ( b u -- )                                                  \ 307a
FOR AFT DUP C@ >CHAR EMIT 1 + THEN NEXT DROP ;
dm+      ( b u -- b )                                                \ 308
OVER 4 U.R SPACE FOR AFT DUP C@ 3 U.R 1 + THEN NEXT ;
DUMP     ( b u -- )                                                  \ 309
BASE @ >R HEX 16 /
FOR CR 16 2DUP dm+ ROT ROT 2 SPACES _TYPE NUF? NOT WHILE
NEXT ELSE R> DROP THEN DROP  R> BASE ! ;
6.2  Stack Tools
.S       ( -- )  CR DEPTH FOR AFT R@ PICK . THEN NEXT ." <sp" ;       \ 310
.BASE    ( -- )  BASE @ DECIMAL DUP . BASE ! ;                       \ 311
.FREE    ( -- )  CP 2@ - U. ;                                        \ 312
!CSP     ( -- )  SP@ CSP ! ;                                         \ 313
?CSP     ( -- )  SP@ CSP @ XOR ABORT" stack depth" ;                 \ 314
6.3  Dictionary Dump
>NAME    ( xt -- na | F )                                            \ 315
CURRENT
BEGIN CELL+ @ ?DUP WHILE 2DUP
BEGIN @ DUP WHILE 2DUP NAME> XOR
WHILE CELL-
REPEAT     THEN SWAP DROP ?DUP
UNTIL SWAP DROP SWAP DROP EXIT
THEN DROP 0 ;
.ID      ( a -- )                                                    \ 316
?DUP IF COUNT $01F AND _TYPE EXIT THEN ." {noName}" ;
SEE      ( -- ; <string> )                                           \ 317
' CR CELL+
BEGIN CELL+ DUP @ DUP IF >NAME THEN ?DUP
IF SPACE .ID ELSE DUP @ U. THEN NUF?
UNTIL DROP ;
WORDS    ( -- )                                                      \ 318
CR  CONTEXT @
BEGIN @ ?DUP
WHILE DUP SPACE .ID CELL-  NUF?
UNTIL DROP THEN ;
6.4  Startup
VER  ( -- u ) $101 ;                                                 \ 319
'hi  ( -- )                                                          \ 320
!IO BASE @ HEX \ initialize IO device & sign on
CR ." eFORTH V" VER <# # # 46 HOLD # #> TYPE
CR ;
EMPTY ( -- )                                                         \ 321
FORTH CONTEXT @ DUP CURRENT 2! 6 CP 3 MOVE OVERT ;
CREATE 'BOOT  ' hi , \ application vector                            \ 322
COLD ( -- )                                                          \ 323
BEGIN
U0 UP 74 CMOVE
PRESET 'BOOT @EXECUTE
FORTH CONTEXT @ DUP CURRENT 2! OVERT
QUIT
AGAIN ;
6.5  ColdBoot from DOS
;; MAIN entry points and COLD start data                             \ 324
MAIN     SEGMENT
ASSUME   CS:MAIN,DS:MAIN,ES:MAIN,SS:MAIN
ORG      COLDD            ;beginning of cold boot
ORIG:    MOV     AX,CS
MOV     DS,AX            ;DS is same as CS
CLI                      ;disable interrupts, old 808X CPU bug
MOV     SS,AX            ;SS is same as CS
MOV     SP,SPP           ;initialize SP
STI                      ;enable interrupts
MOV     BP,RPP           ;initialize RP
MOV     AL,023H          ;interrupt 23H
MOV     DX,OFFSET CTRLC
MOV     AH,025H          ;MS-DOS set interrupt vector
INT     021H
CLD                      ;direction flag, increment
JMP     COLD             ;to high level cold start
;control C interrupt routine
CTRLC:IRET
;; COLD start moves the following to USER variables.                 \ 325
;; MUST BE IN SAME ORDER AS USER VARIABLES.
$ALIGN            ;align to cell boundary

UZERO:   DW      4 DUP (0)        ;reserved
DW      SPP              ;SP0
DW      RPP              ;RP0
DW      QRX              ;'?KEY
DW      TXSTO            ;'EMIT
DW      ACCEP            ;'EXPECT
DW      KTAP             ;'TAP
DW      TXSTO            ;'ECHO
DW      DOTOK            ;'PROMPT
DW      BASEE            ;BASE
DW      0                ;tmp
DW      0                ;SPAN
DW      0                ;>IN
DW      0                ;#TIB
DW      TIBB             ;TIB
DW      0                ;CSP
DW      INTER            ;'EVAL
DW      NUMBQ            ;'NUMBER
DW      0                ;HLD
DW      0                ;HANDLER
DW      0                ;CONTEXT pointer
DW      VOCSS DUP (0)    ;vocabulary stack
DW      0                ;CURRENT pointer
DW      0                ;vocabulary link pointer
DW      CTOP             ;CP
DW      NTOP             ;NP
DW      LASTN            ;LAST
ULAST:
7.0  Some Final Thoughts
Congratulations, if you reach this point the first time.
As you can see, we have traversed a complete Forth system
from the beginning to the end,
and it is not as difficult as you might have thought before you began.
But, think again what we have accomplished.
It is a complete operating system with an integrated interpreter
and an integrated compiler all together.
If you look in the memory, the whole system is less than 7 Kbytes.
What else can you do with 7 Kbytes these days?
Forth is like Zen. It is simple, it is accessible,
and it can be understood in its entirety
without devoting your whole life to it.
Is this the end? Not really.  There are many topics important in Forth,
but we had chosen to ignore in this simple model.
They include multitasking, virtual memory, interrupt control,
programming style, source code management, and yes, metacompilation.
However, these topics can be considered advanced applications of Forth.
Once the fundamental principles in Forth are understood,
these topics can be subject for further investigations at your leisure.
Forth is not an end to itself.
It is only a tool, as useful as the user intends it to be.
The most important thing is how the user can use it to solve his problems
and build useful applications.
What eForth gives you is the understanding of this tool.
It is up to you to make use of it.

\ #### V3 2014_06_28   2018_09_16  eForthOverview5_A5v3_CODE_ONLY v7_shorted

The Forth Bookshelf contains Ting's complete documentation as eBook
Just follow the link https://www.amazon.co.uk/Juergen-Pintaske/e/B00N8HVEZM
